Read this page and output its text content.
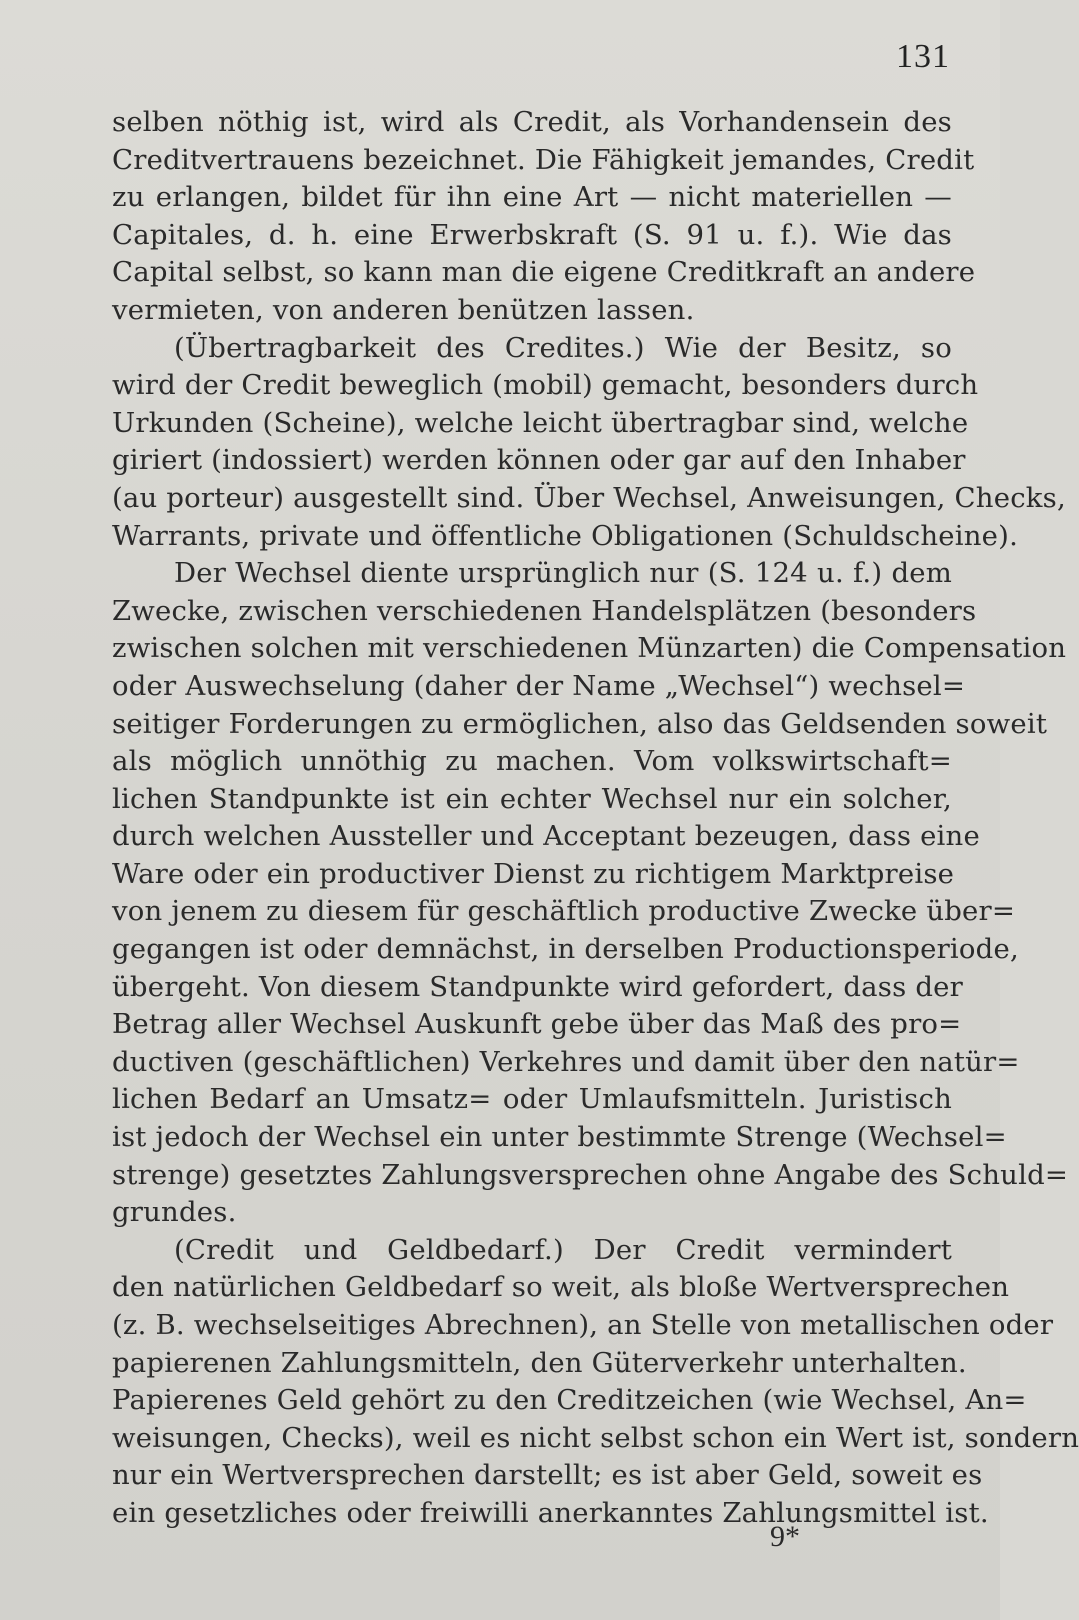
131
selben nöthig ist, wird als Credit, als Vorhandensein des
Creditvertrauens bezeichnet. Die Fähigkeit jemandes, Credit
zu erlangen, bildet für ihn eine Art — nicht materiellen —
Capitales, d. h. eine Erwerbskraft (S. 91 u. f.). Wie das
Capital selbst, so kann man die eigene Creditkraft an andere
vermieten, von anderen benützen lassen.
(Übertragbarkeit des Credites.) Wie der Besitz, so
wird der Credit beweglich (mobil) gemacht, besonders durch
Urkunden (Scheine), welche leicht übertragbar sind, welche
giriert (indossiert) werden können oder gar auf den Inhaber
(au porteur) ausgestellt sind. Über Wechsel, Anweisungen, Checks,
Warrants, private und öffentliche Obligationen (Schuldscheine).
Der Wechsel diente ursprünglich nur (S. 124 u. f.) dem
Zwecke, zwischen verschiedenen Handelsplätzen (besonders
zwischen solchen mit verschiedenen Münzarten) die Compensation
oder Auswechselung (daher der Name „Wechsel“) wechsel=
seitiger Forderungen zu ermöglichen, also das Geldsenden soweit
als möglich unnöthig zu machen. Vom volkswirtschaft=
lichen Standpunkte ist ein echter Wechsel nur ein solcher,
durch welchen Aussteller und Acceptant bezeugen, dass eine
Ware oder ein productiver Dienst zu richtigem Marktpreise
von jenem zu diesem für geschäftlich productive Zwecke über=
gegangen ist oder demnächst, in derselben Productionsperiode,
übergeht. Von diesem Standpunkte wird gefordert, dass der
Betrag aller Wechsel Auskunft gebe über das Maß des pro=
ductiven (geschäftlichen) Verkehres und damit über den natür=
lichen Bedarf an Umsatz= oder Umlaufsmitteln. Juristisch
ist jedoch der Wechsel ein unter bestimmte Strenge (Wechsel=
strenge) gesetztes Zahlungsversprechen ohne Angabe des Schuld=
grundes.
(Credit und Geldbedarf.) Der Credit vermindert
den natürlichen Geldbedarf so weit, als bloße Wertversprechen
(z. B. wechselseitiges Abrechnen), an Stelle von metallischen oder
papierenen Zahlungsmitteln, den Güterverkehr unterhalten.
Papierenes Geld gehört zu den Creditzeichen (wie Wechsel, An=
weisungen, Checks), weil es nicht selbst schon ein Wert ist, sondern
nur ein Wertversprechen darstellt; es ist aber Geld, soweit es
ein gesetzliches oder freiwilli anerkanntes Zahlungsmittel ist.
9*
